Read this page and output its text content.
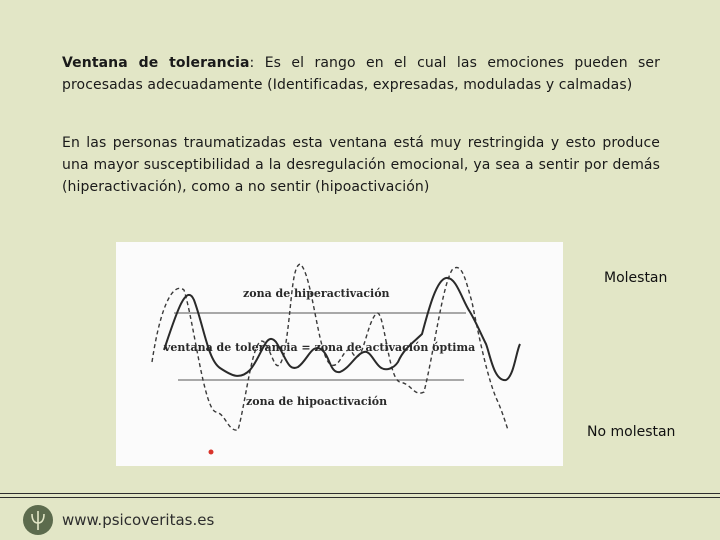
Ventana de tolerancia: Es el rango en el cual las emociones pueden ser procesadas adecuadamente (Identificadas, expresadas, moduladas y calmadas)

En las personas traumatizadas esta ventana está muy restringida y esto produce una mayor susceptibilidad a la desregulación emocional, ya sea a sentir por demás (hiperactivación), como a no sentir (hipoactivación)

zona de hiperactivación
ventana de tolerancia = zona de activación óptima
zona de hipoactivación
Molestan
No molestan
www.psicoveritas.es
